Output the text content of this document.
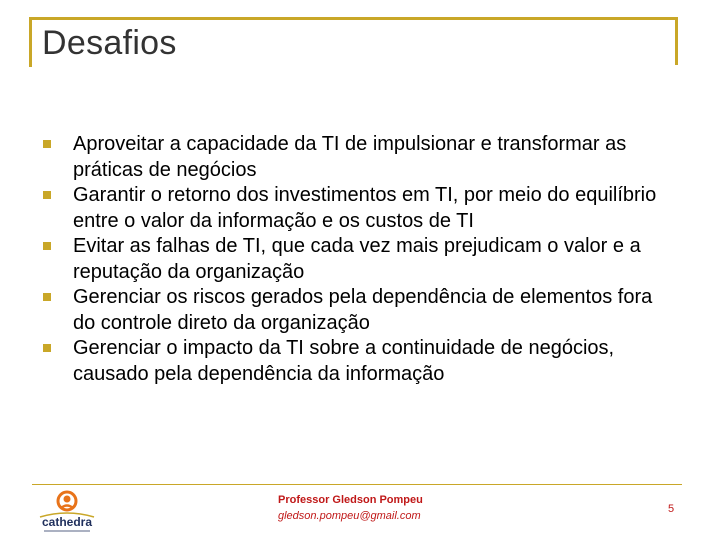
Desafios
Aproveitar a capacidade da TI de impulsionar e transformar as práticas de negócios
Garantir o retorno dos investimentos em TI, por meio do equilíbrio entre o valor da informação e os custos de TI
Evitar as falhas de TI, que cada vez mais prejudicam o valor e a reputação da organização
Gerenciar os riscos gerados pela dependência de elementos fora do controle direto da organização
Gerenciar o impacto da TI sobre a continuidade de negócios, causado pela dependência da informação
cathedra
Professor Gledson Pompeu
gledson.pompeu@gmail.com
5
